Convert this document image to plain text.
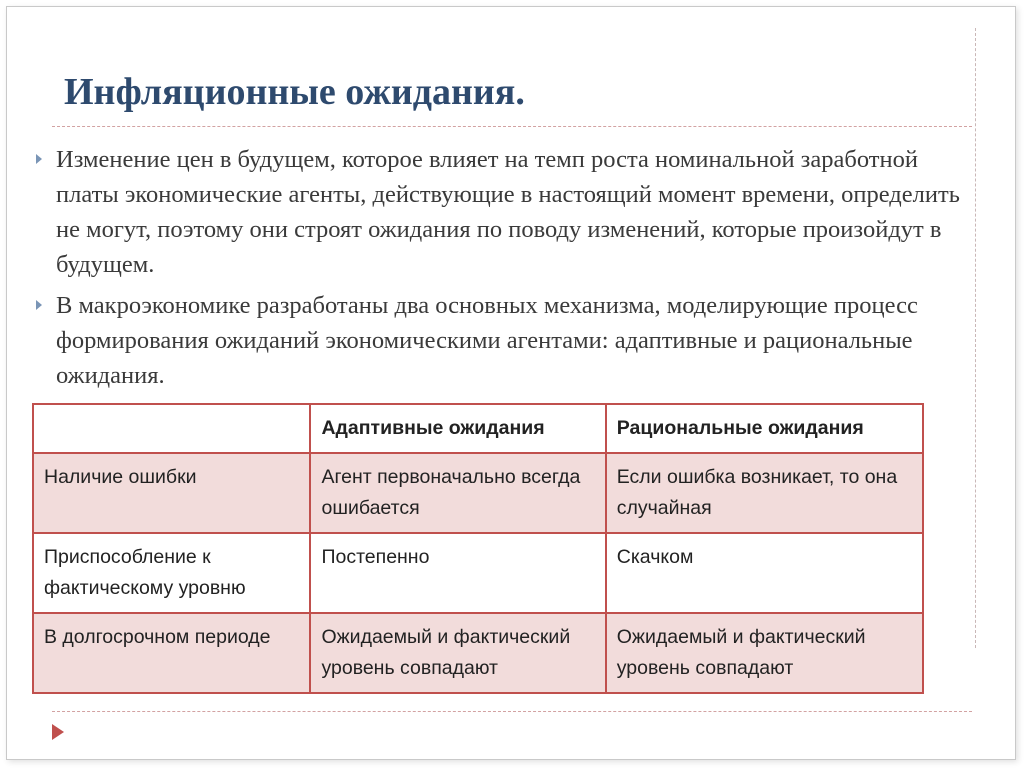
Инфляционные ожидания.
Изменение цен в будущем, которое влияет на темп роста номинальной заработной платы экономические агенты, действующие в настоящий момент времени, определить не могут, поэтому они строят ожидания по поводу изменений, которые произойдут в будущем.
В макроэкономике разработаны два основных механизма, моделирующие процесс формирования ожиданий экономическими агентами: адаптивные и рациональные ожидания.
	Адаптивные ожидания	Рациональные ожидания
Наличие ошибки	Агент первоначально всегда ошибается	Если ошибка возникает, то она случайная
Приспособление к фактическому уровню	Постепенно	Скачком
В долгосрочном периоде	Ожидаемый и фактический уровень совпадают	Ожидаемый и фактический уровень совпадают
